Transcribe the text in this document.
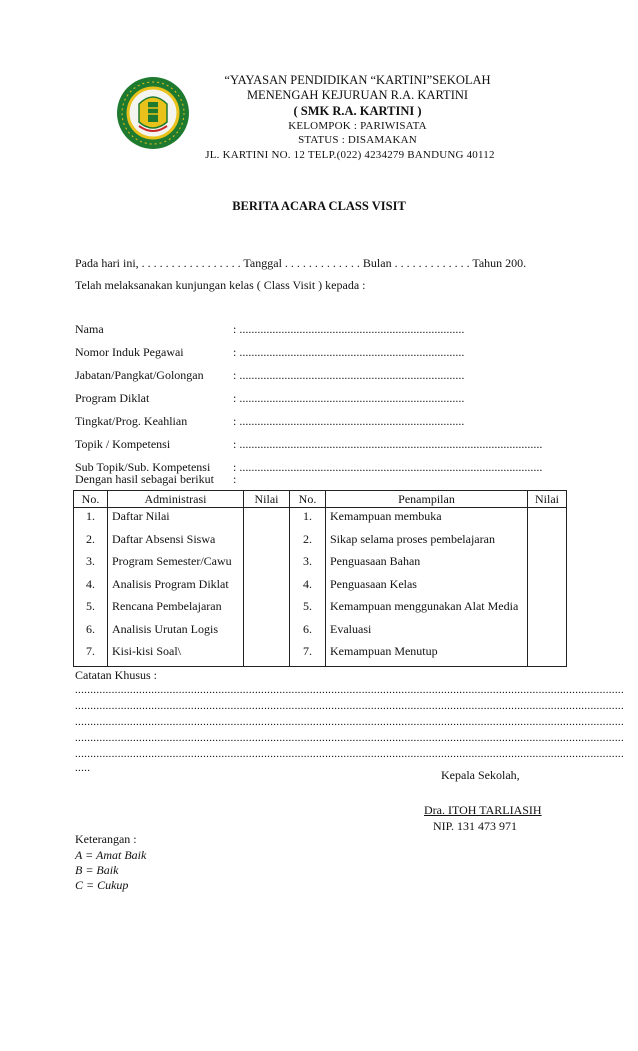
“YAYASAN PENDIDIKAN “KARTINI”SEKOLAH
MENENGAH KEJURUAN R.A. KARTINI
( SMK R.A. KARTINI )
KELOMPOK : PARIWISATA
STATUS : DISAMAKAN
JL. KARTINI NO. 12 TELP.(022) 4234279 BANDUNG 40112
BERITA ACARA CLASS VISIT
Pada hari ini, . . . . . . . . . . . . . . . . . Tanggal . . . . . . . . . . . . . Bulan . . . . . . . . . . . . . Tahun 200.
Telah melaksanakan kunjungan kelas ( Class Visit ) kepada :
Nama	: ...........................................................................
Nomor Induk Pegawai	: ...........................................................................
Jabatan/Pangkat/Golongan : ...........................................................................
Program Diklat	: ...........................................................................
Tingkat/Prog. Keahlian	: ...........................................................................
Topik / Kompetensi	: .....................................................................................................
Sub Topik/Sub. Kompetensi : .....................................................................................................
Dengan hasil sebagai berikut :
No.	Administrasi	Nilai	No.	Penampilan	Nilai
1.	Daftar Nilai		1.	Kemampuan membuka	
2.	Daftar Absensi Siswa		2.	Sikap selama proses pembelajaran	
3.	Program Semester/Cawu		3.	Penguasaan Bahan	
4.	Analisis Program Diklat		4.	Penguasaan Kelas	
5.	Rencana Pembelajaran		5.	Kemampuan menggunakan Alat Media	
6.	Analisis Urutan Logis		6.	Evaluasi	
7.	Kisi-kisi Soal\		7.	Kemampuan Menutup	
Catatan Khusus :
....................................................................................................................................................................................
....................................................................................................................................................................................
....................................................................................................................................................................................
....................................................................................................................................................................................
....................................................................................................................................................................................
.....	Kepala Sekolah,
Dra. ITOH TARLIASIH
NIP. 131 473 971
Keterangan :
A = Amat Baik
B = Baik
C = Cukup
